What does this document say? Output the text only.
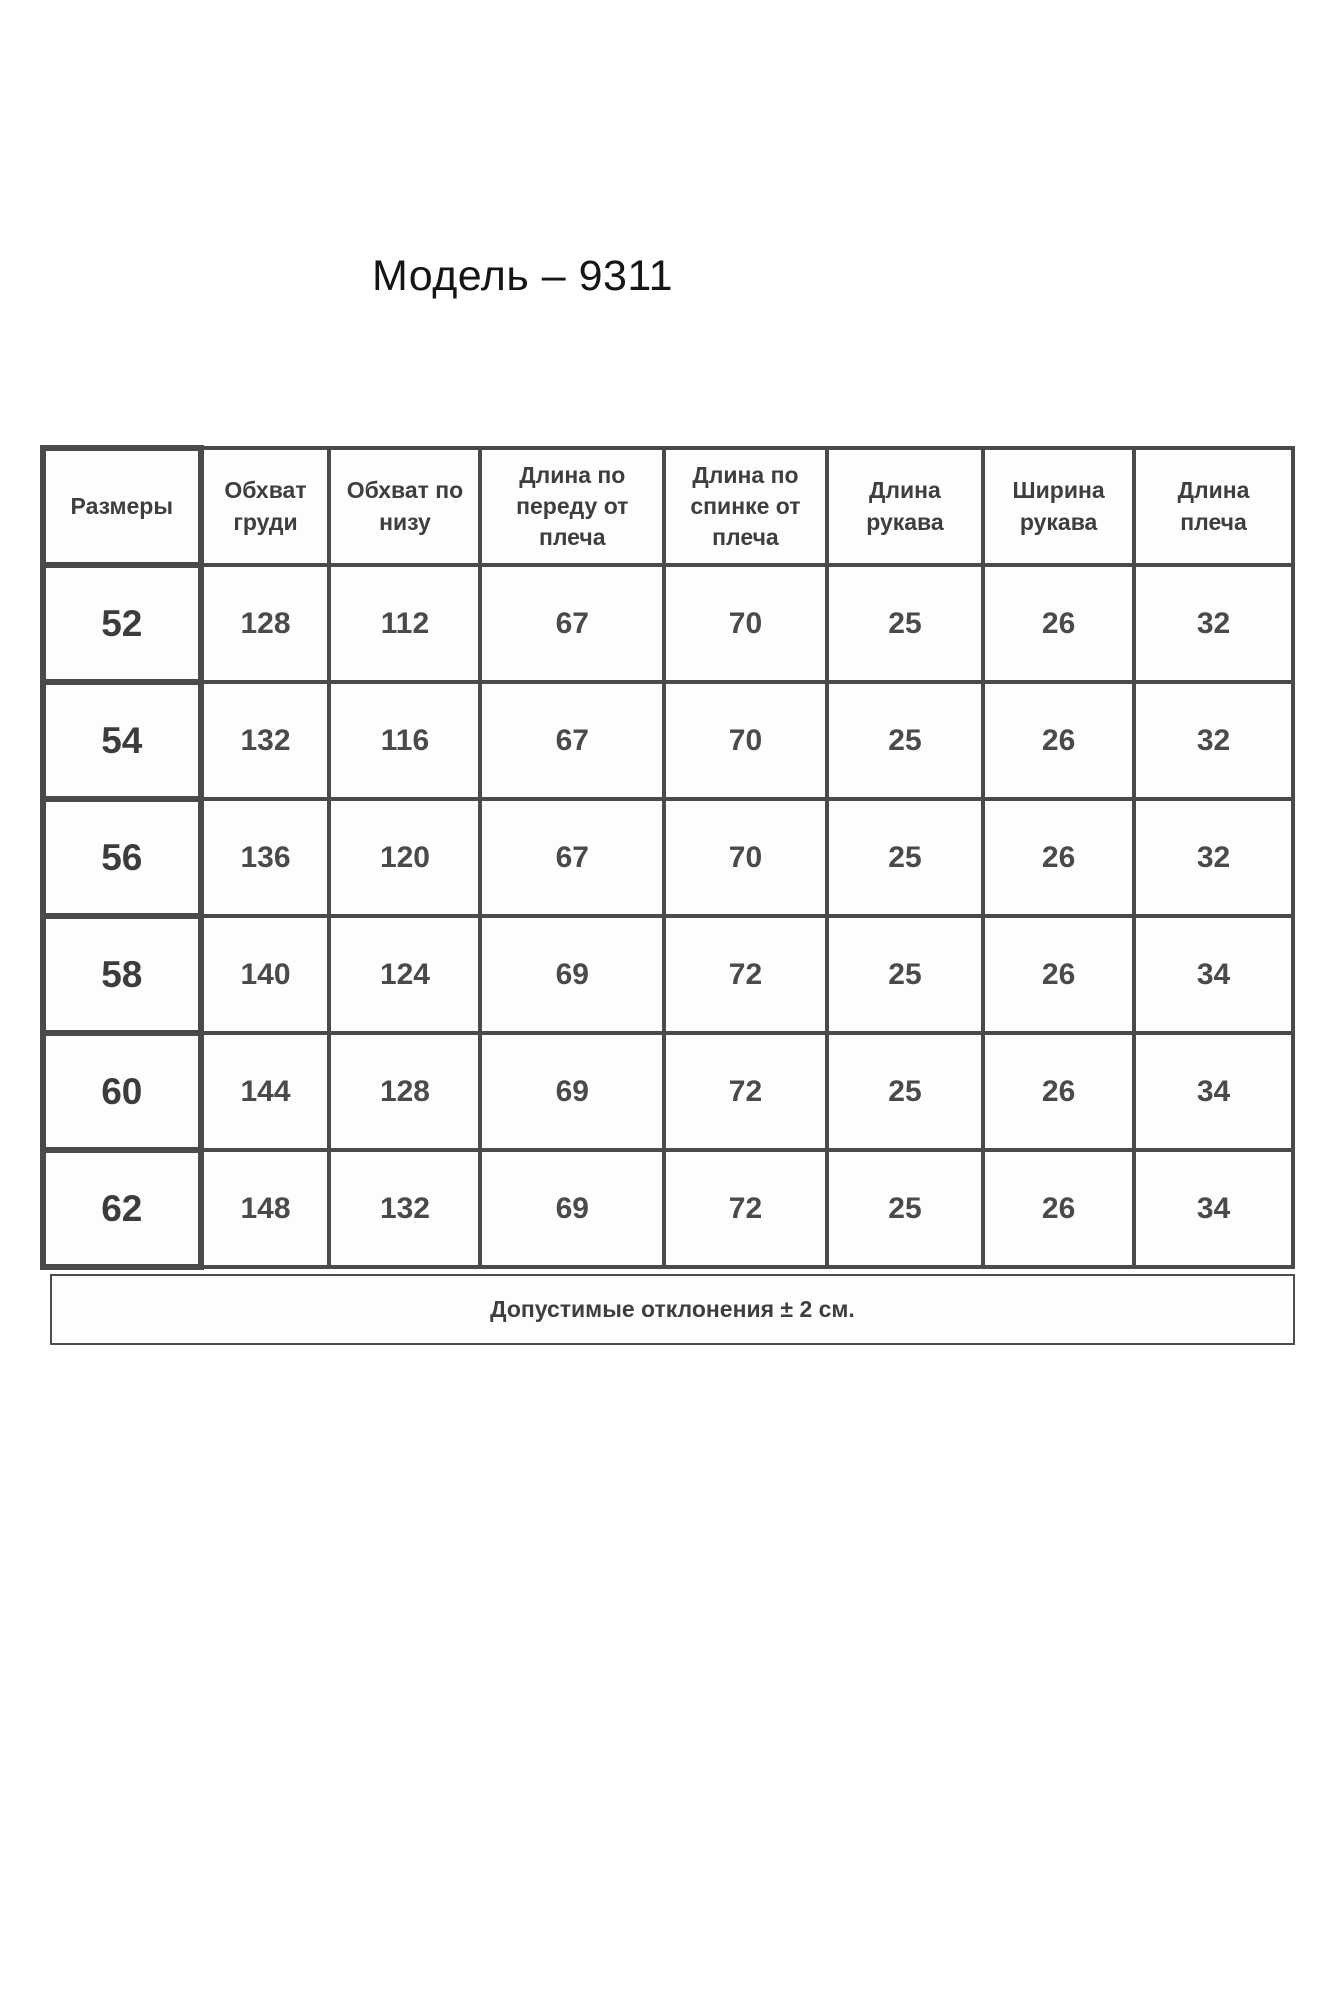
Модель – 9311
Размеры	Обхват груди	Обхват по низу	Длина по переду от плеча	Длина по спинке от плеча	Длина рукава	Ширина рукава	Длина плеча
52	128	112	67	70	25	26	32
54	132	116	67	70	25	26	32
56	136	120	67	70	25	26	32
58	140	124	69	72	25	26	34
60	144	128	69	72	25	26	34
62	148	132	69	72	25	26	34
Допустимые отклонения ± 2 см.
